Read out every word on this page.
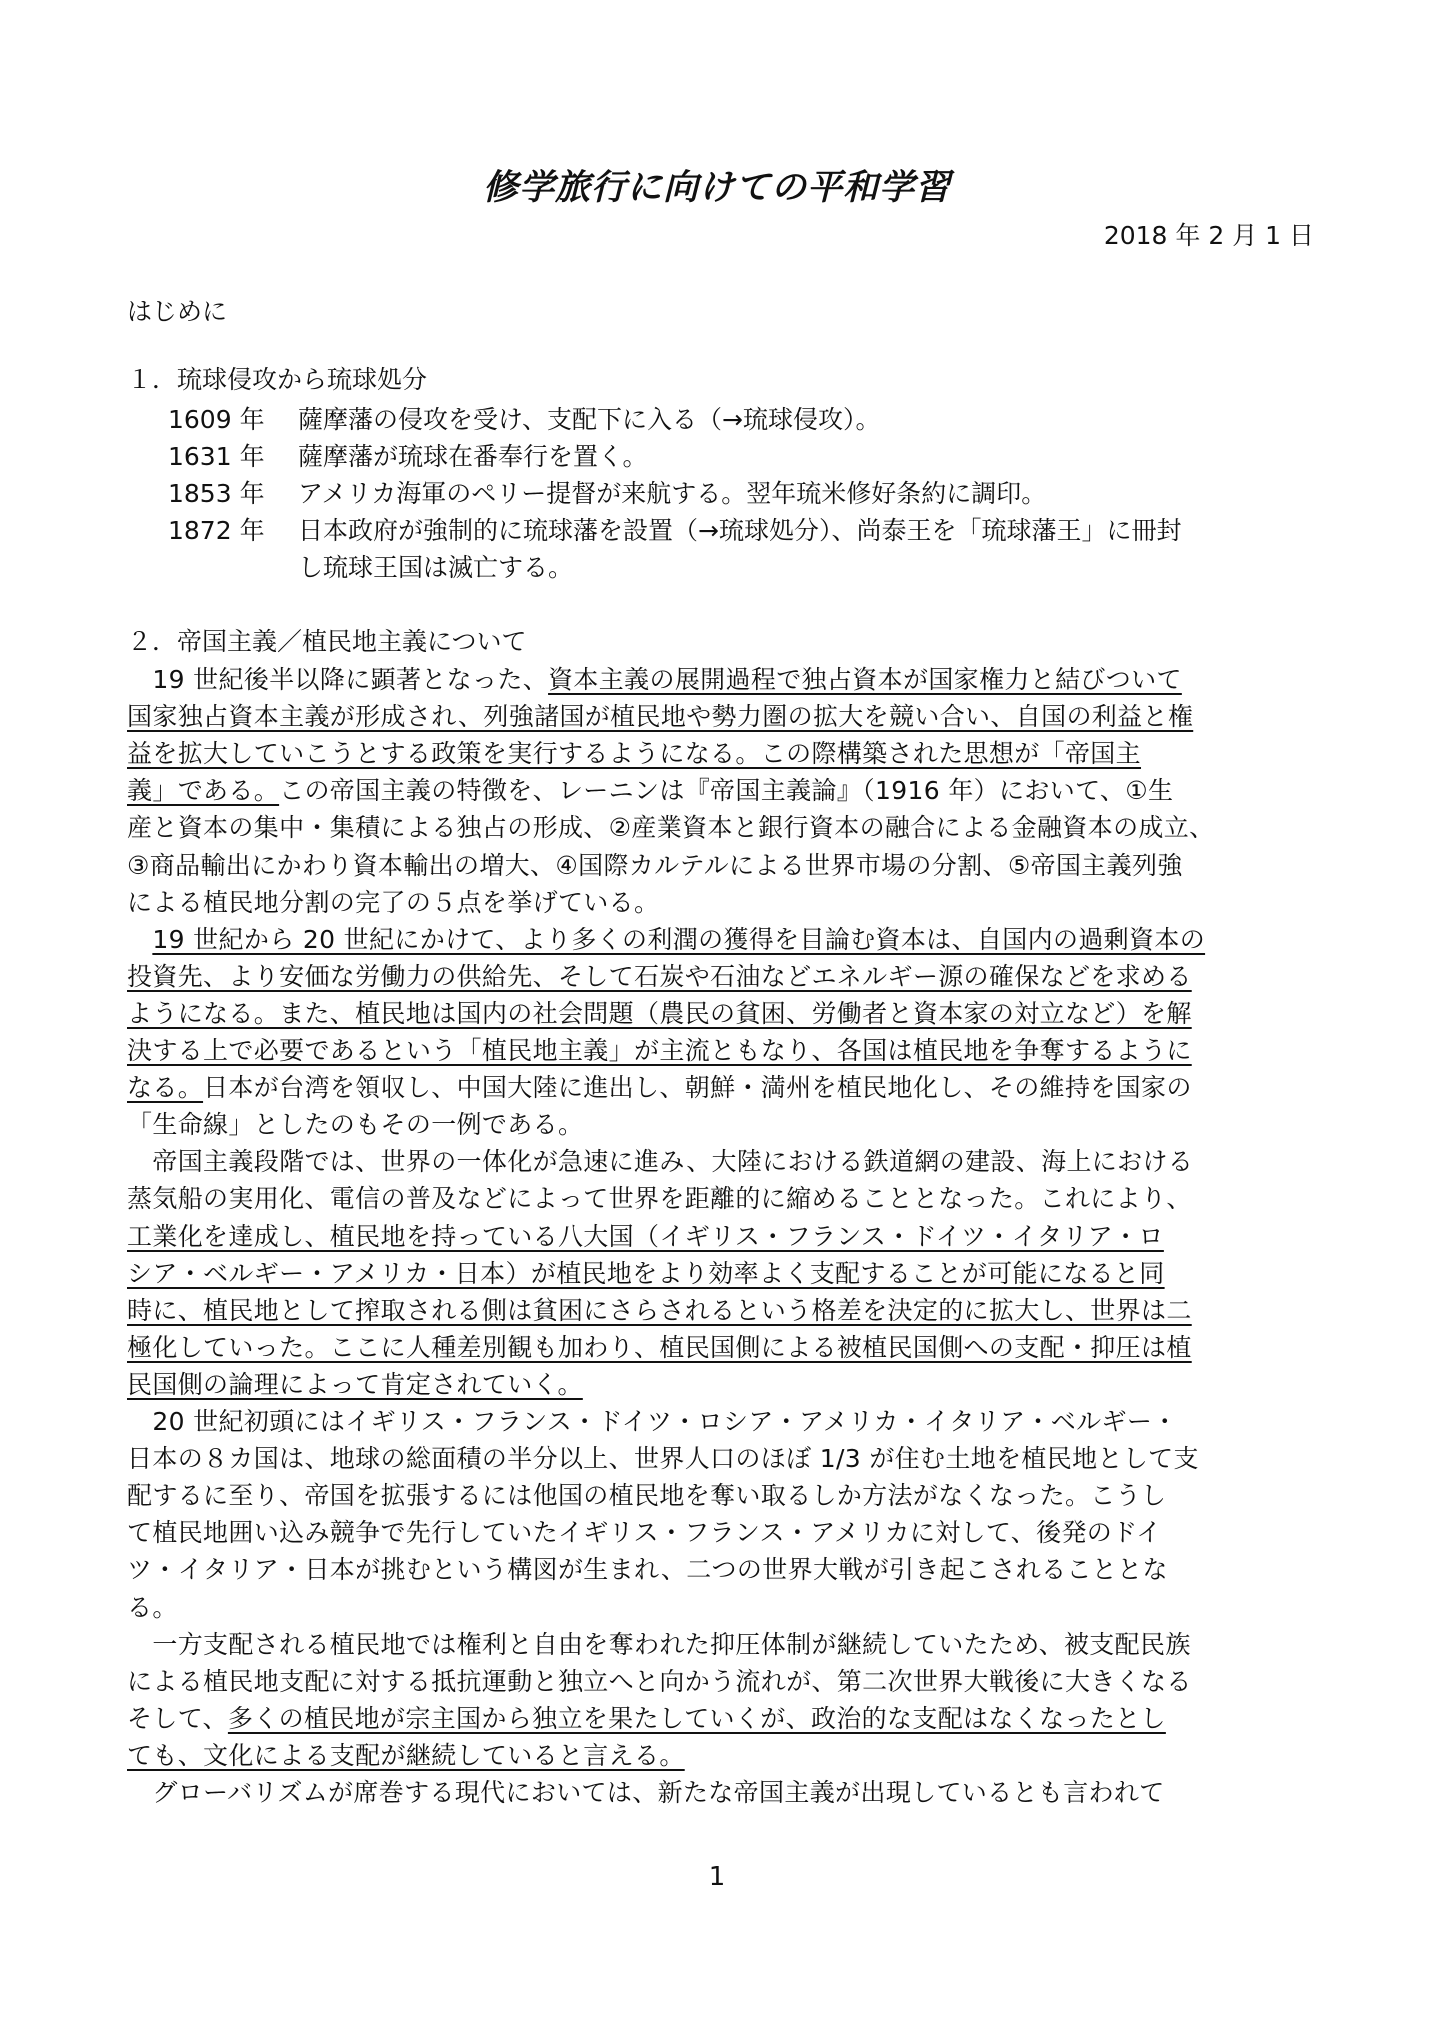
修学旅行に向けての平和学習
2018 年 2 月 1 日
はじめに
１．琉球侵攻から琉球処分
1609 年 薩摩藩の侵攻を受け、支配下に入る（→琉球侵攻）。
1631 年 薩摩藩が琉球在番奉行を置く。
1853 年 アメリカ海軍のペリー提督が来航する。翌年琉米修好条約に調印。
1872 年 日本政府が強制的に琉球藩を設置（→琉球処分）、尚泰王を「琉球藩王」に冊封
し琉球王国は滅亡する。
２．帝国主義／植民地主義について
　19 世紀後半以降に顕著となった、資本主義の展開過程で独占資本が国家権力と結びついて
国家独占資本主義が形成され、列強諸国が植民地や勢力圏の拡大を競い合い、自国の利益と権
益を拡大していこうとする政策を実行するようになる。この際構築された思想が「帝国主
義」である。この帝国主義の特徴を、レーニンは『帝国主義論』（1916 年）において、①生
産と資本の集中・集積による独占の形成、②産業資本と銀行資本の融合による金融資本の成立、
③商品輸出にかわり資本輸出の増大、④国際カルテルによる世界市場の分割、⑤帝国主義列強
による植民地分割の完了の５点を挙げている。
　19 世紀から 20 世紀にかけて、より多くの利潤の獲得を目論む資本は、自国内の過剰資本の
投資先、より安価な労働力の供給先、そして石炭や石油などエネルギー源の確保などを求める
ようになる。また、植民地は国内の社会問題（農民の貧困、労働者と資本家の対立など）を解
決する上で必要であるという「植民地主義」が主流ともなり、各国は植民地を争奪するように
なる。日本が台湾を領収し、中国大陸に進出し、朝鮮・満州を植民地化し、その維持を国家の
「生命線」としたのもその一例である。
　帝国主義段階では、世界の一体化が急速に進み、大陸における鉄道網の建設、海上における
蒸気船の実用化、電信の普及などによって世界を距離的に縮めることとなった。これにより、
工業化を達成し、植民地を持っている八大国（イギリス・フランス・ドイツ・イタリア・ロ
シア・ベルギー・アメリカ・日本）が植民地をより効率よく支配することが可能になると同
時に、植民地として搾取される側は貧困にさらされるという格差を決定的に拡大し、世界は二
極化していった。ここに人種差別観も加わり、植民国側による被植民国側への支配・抑圧は植
民国側の論理によって肯定されていく。
　20 世紀初頭にはイギリス・フランス・ドイツ・ロシア・アメリカ・イタリア・ベルギー・
日本の８カ国は、地球の総面積の半分以上、世界人口のほぼ 1/3 が住む土地を植民地として支
配するに至り、帝国を拡張するには他国の植民地を奪い取るしか方法がなくなった。こうし
て植民地囲い込み競争で先行していたイギリス・フランス・アメリカに対して、後発のドイ
ツ・イタリア・日本が挑むという構図が生まれ、二つの世界大戦が引き起こされることとな
る。
　一方支配される植民地では権利と自由を奪われた抑圧体制が継続していたため、被支配民族
による植民地支配に対する抵抗運動と独立へと向かう流れが、第二次世界大戦後に大きくなる
そして、多くの植民地が宗主国から独立を果たしていくが、政治的な支配はなくなったとし
ても、文化による支配が継続していると言える。
　グローバリズムが席巻する現代においては、新たな帝国主義が出現しているとも言われて
1
